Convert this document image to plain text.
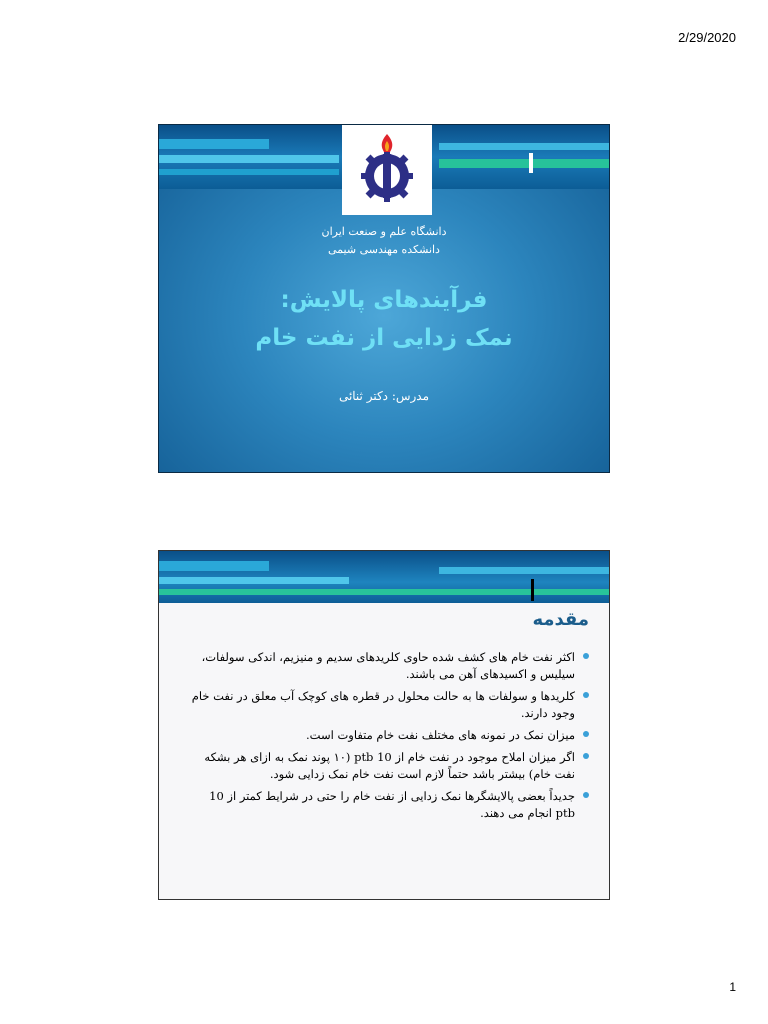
2/29/2020
دانشگاه علم و صنعت ایران
دانشکده مهندسی شیمی
فرآیندهای پالایش:
نمک زدایی از نفت خام
مدرس: دکتر ثنائی
مقدمه
اکثر نفت خام های کشف شده حاوی کلریدهای سدیم و منیزیم، اندکی سولفات، سیلیس و اکسیدهای آهن می باشند.
کلریدها و سولفات ها به حالت محلول در قطره های کوچک آب معلق در نفت خام وجود دارند.
میزان نمک در نمونه های مختلف نفت خام متفاوت است.
اگر میزان املاح موجود در نفت خام از 10 ptb (۱۰ پوند نمک به ازای هر بشکه نفت خام) بیشتر باشد حتماً لازم است نفت خام نمک زدایی شود.
جدیداً بعضی پالایشگرها نمک زدایی از نفت خام را حتی در شرایط کمتر از 10 ptb انجام می دهند.
1
